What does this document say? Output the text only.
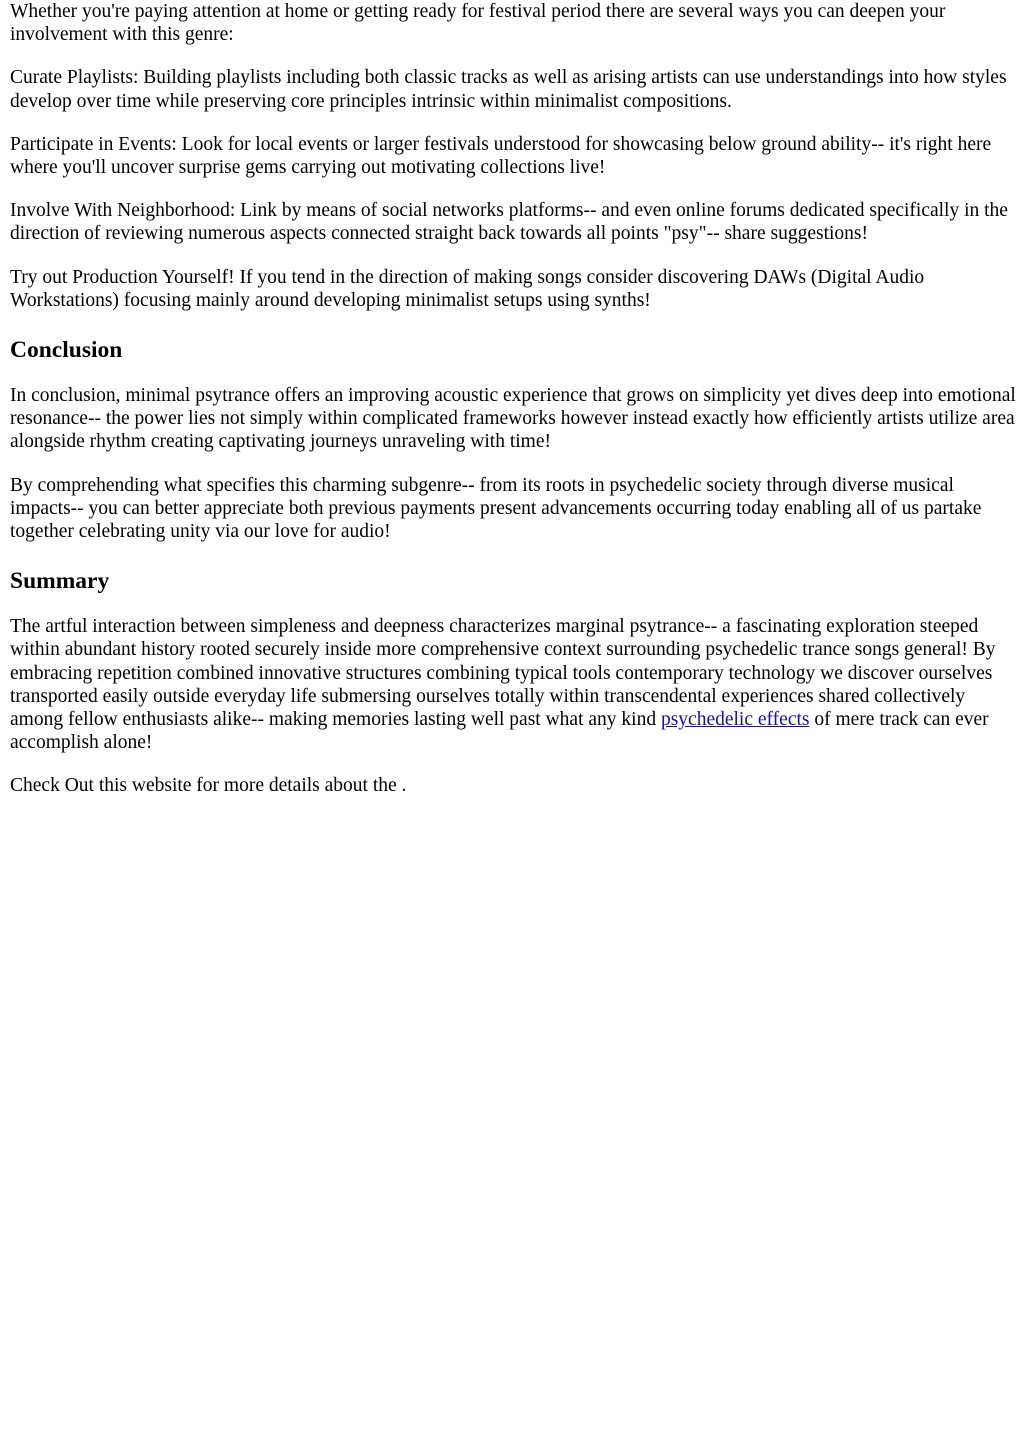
Whether you're paying attention at home or getting ready for festival period there are several ways you can deepen your involvement with this genre:

Curate Playlists: Building playlists including both classic tracks as well as arising artists can use understandings into how styles develop over time while preserving core principles intrinsic within minimalist compositions.

Participate in Events: Look for local events or larger festivals understood for showcasing below ground ability-- it's right here where you'll uncover surprise gems carrying out motivating collections live!

Involve With Neighborhood: Link by means of social networks platforms-- and even online forums dedicated specifically in the direction of reviewing numerous aspects connected straight back towards all points "psy"-- share suggestions!

Try out Production Yourself! If you tend in the direction of making songs consider discovering DAWs (Digital Audio Workstations) focusing mainly around developing minimalist setups using synths!

Conclusion

In conclusion, minimal psytrance offers an improving acoustic experience that grows on simplicity yet dives deep into emotional resonance-- the power lies not simply within complicated frameworks however instead exactly how efficiently artists utilize area alongside rhythm creating captivating journeys unraveling with time!

By comprehending what specifies this charming subgenre-- from its roots in psychedelic society through diverse musical impacts-- you can better appreciate both previous payments present advancements occurring today enabling all of us partake together celebrating unity via our love for audio!

Summary

The artful interaction between simpleness and deepness characterizes marginal psytrance-- a fascinating exploration steeped within abundant history rooted securely inside more comprehensive context surrounding psychedelic trance songs general! By embracing repetition combined innovative structures combining typical tools contemporary technology we discover ourselves transported easily outside everyday life submersing ourselves totally within transcendental experiences shared collectively among fellow enthusiasts alike-- making memories lasting well past what any kind psychedelic effects of mere track can ever accomplish alone!

Check Out this website for more details about the .
